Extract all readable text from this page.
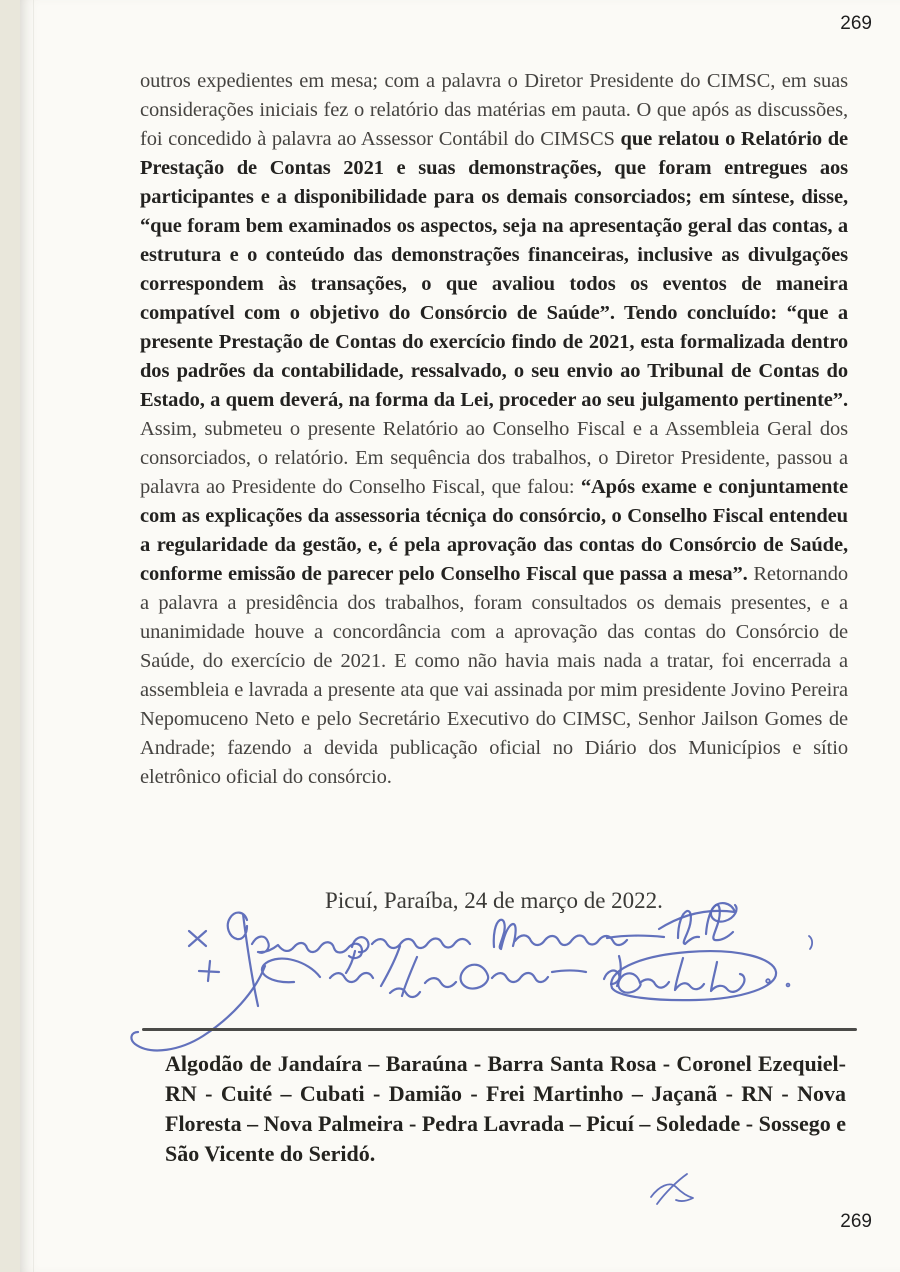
269

outros expedientes em mesa; com a palavra o Diretor Presidente do CIMSC, em suas considerações iniciais fez o relatório das matérias em pauta. O que após as discussões, foi concedido à palavra ao Assessor Contábil do CIMSCS que relatou o Relatório de Prestação de Contas 2021 e suas demonstrações, que foram entregues aos participantes e a disponibilidade para os demais consorciados; em síntese, disse, “que foram bem examinados os aspectos, seja na apresentação geral das contas, a estrutura e o conteúdo das demonstrações financeiras, inclusive as divulgações correspondem às transações, o que avaliou todos os eventos de maneira compatível com o objetivo do Consórcio de Saúde”. Tendo concluído: “que a presente Prestação de Contas do exercício findo de 2021, esta formalizada dentro dos padrões da contabilidade, ressalvado, o seu envio ao Tribunal de Contas do Estado, a quem deverá, na forma da Lei, proceder ao seu julgamento pertinente”. Assim, submeteu o presente Relatório ao Conselho Fiscal e a Assembleia Geral dos consorciados, o relatório. Em sequência dos trabalhos, o Diretor Presidente, passou a palavra ao Presidente do Conselho Fiscal, que falou: “Após exame e conjuntamente com as explicações da assessoria técniça do consórcio, o Conselho Fiscal entendeu a regularidade da gestão, e, é pela aprovação das contas do Consórcio de Saúde, conforme emissão de parecer pelo Conselho Fiscal que passa a mesa”. Retornando a palavra a presidência dos trabalhos, foram consultados os demais presentes, e a unanimidade houve a concordância com a aprovação das contas do Consórcio de Saúde, do exercício de 2021. E como não havia mais nada a tratar, foi encerrada a assembleia e lavrada a presente ata que vai assinada por mim presidente Jovino Pereira Nepomuceno Neto e pelo Secretário Executivo do CIMSC, Senhor Jailson Gomes de Andrade; fazendo a devida publicação oficial no Diário dos Municípios e sítio eletrônico oficial do consórcio.

Picuí, Paraíba, 24 de março de 2022.
Algodão de Jandaíra – Baraúna - Barra Santa Rosa - Coronel Ezequiel-RN - Cuité – Cubati - Damião - Frei Martinho – Jaçanã - RN - Nova Floresta – Nova Palmeira - Pedra Lavrada – Picuí – Soledade - Sossego e São Vicente do Seridó.
269
